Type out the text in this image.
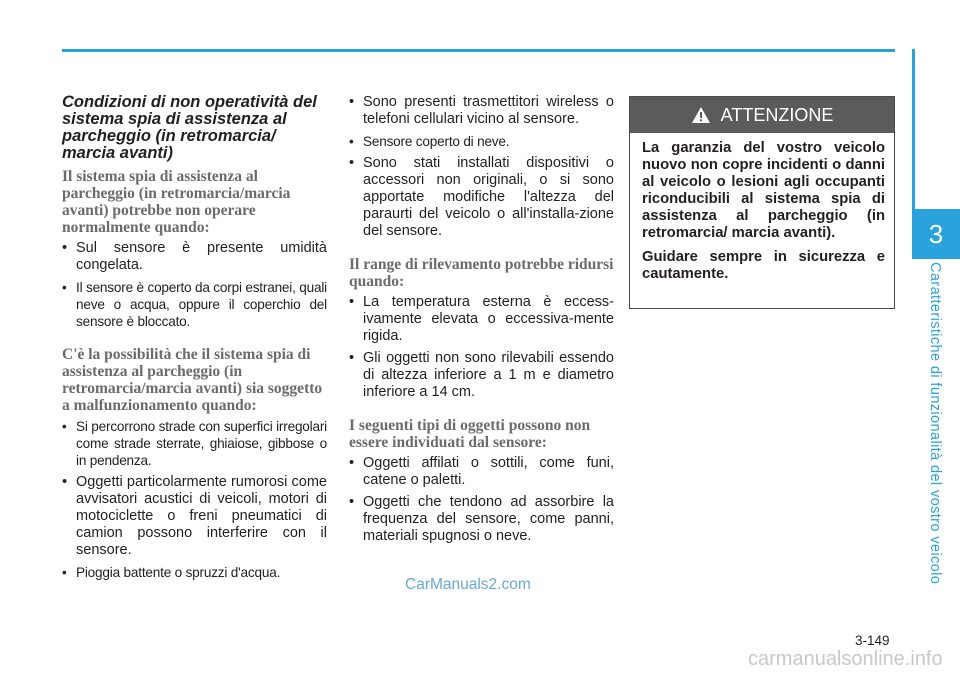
3
Caratteristiche di funzionalità del vostro veicolo
Condizioni di non operatività del sistema spia di assistenza al parcheggio (in retromarcia/ marcia avanti)
Il sistema spia di assistenza al parcheggio (in retromarcia/marcia avanti) potrebbe non operare normalmente quando:
• Sul sensore è presente umidità congelata.
• Il sensore è coperto da corpi estranei, quali neve o acqua, oppure il coperchio del sensore è bloccato.
C'è la possibilità che il sistema spia di assistenza al parcheggio (in retromarcia/marcia avanti) sia soggetto a malfunzionamento quando:
• Si percorrono strade con superfici irregolari come strade sterrate, ghiaiose, gibbose o in pendenza.
• Oggetti particolarmente rumorosi come avvisatori acustici di veicoli, motori di motociclette o freni pneumatici di camion possono interferire con il sensore.
• Pioggia battente o spruzzi d'acqua.
• Sono presenti trasmettitori wireless o telefoni cellulari vicino al sensore.
• Sensore coperto di neve.
• Sono stati installati dispositivi o accessori non originali, o si sono apportate modifiche l'altezza del paraurti del veicolo o all'installa-zione del sensore.
Il range di rilevamento potrebbe ridursi quando:
• La temperatura esterna è eccess-ivamente elevata o eccessiva-mente rigida.
• Gli oggetti non sono rilevabili essendo di altezza inferiore a 1 m e diametro inferiore a 14 cm.
I seguenti tipi di oggetti possono non essere individuati dal sensore:
• Oggetti affilati o sottili, come funi, catene o paletti.
• Oggetti che tendono ad assorbire la frequenza del sensore, come panni, materiali spugnosi o neve.
ATTENZIONE

La garanzia del vostro veicolo nuovo non copre incidenti o danni al veicolo o lesioni agli occupanti riconducibili al sistema spia di assistenza al parcheggio (in retromarcia/ marcia avanti).

Guidare sempre in sicurezza e cautamente.

CarManuals2.com
3-149
carmanualsonline.info
